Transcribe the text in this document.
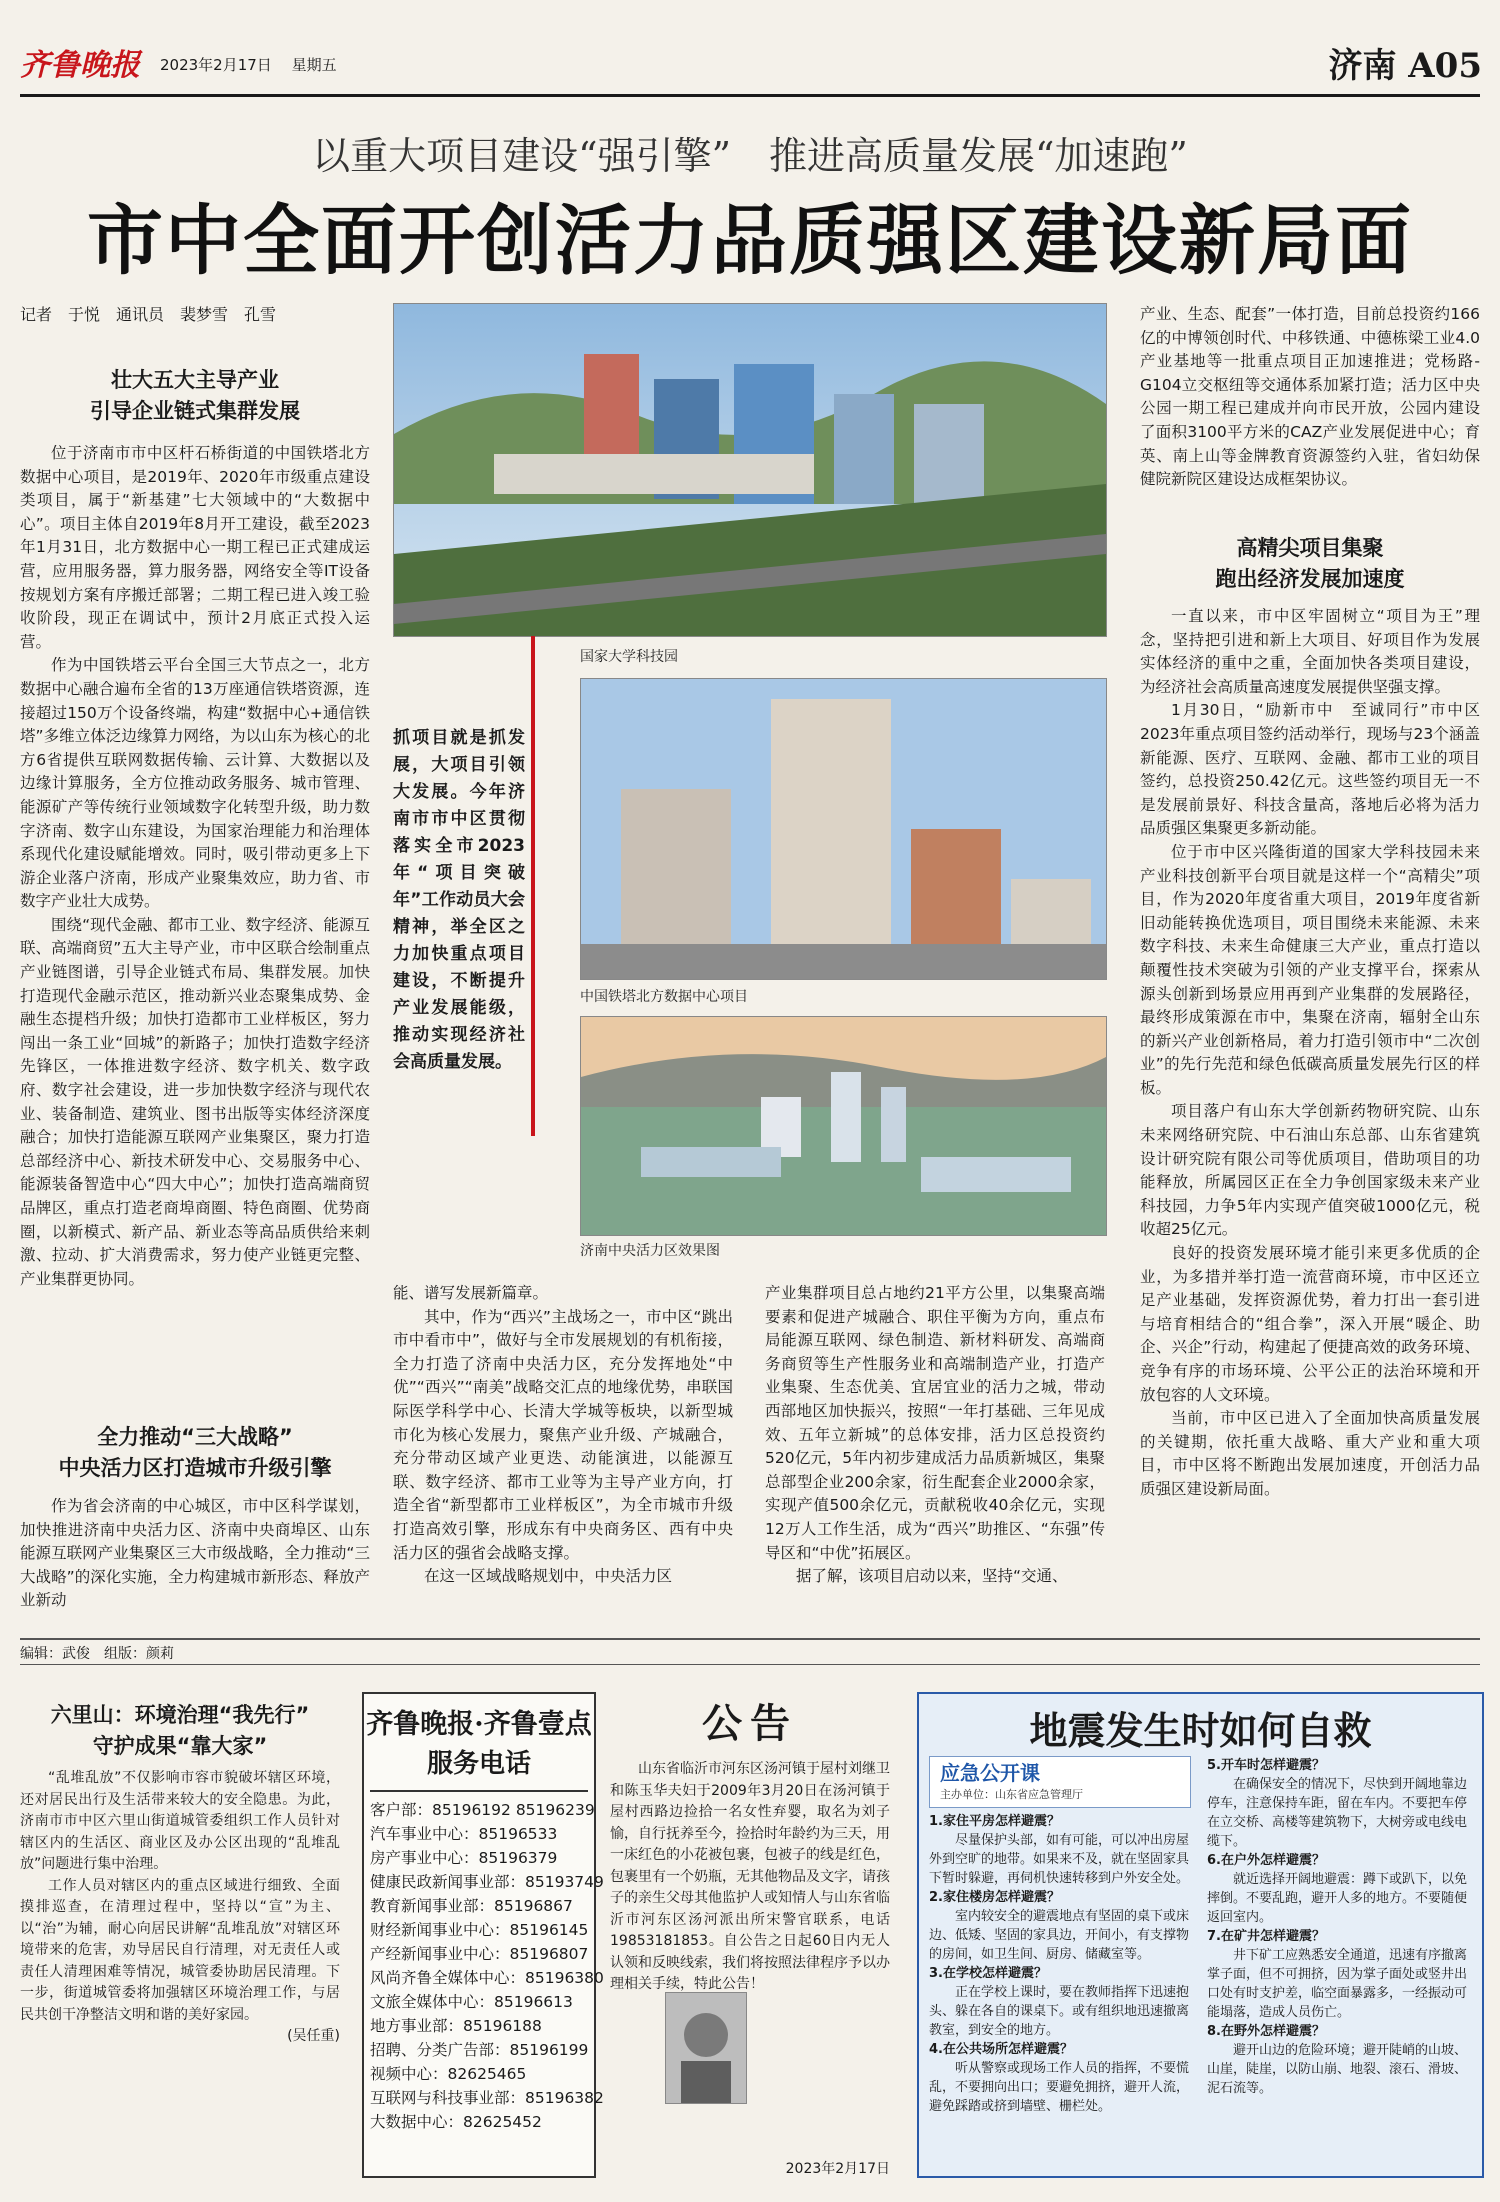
齐鲁晚报 2023年2月17日　 星期五	济南 A05
以重大项目建设“强引擎”　推进高质量发展“加速跑”
市中全面开创活力品质强区建设新局面
记者　于悦　通讯员　裴梦雪　孔雪
壮大五大主导产业
引导企业链式集群发展

位于济南市市中区杆石桥街道的中国铁塔北方数据中心项目，是2019年、2020年市级重点建设类项目，属于“新基建”七大领域中的“大数据中心”。项目主体自2019年8月开工建设，截至2023年1月31日，北方数据中心一期工程已正式建成运营，应用服务器，算力服务器，网络安全等IT设备按规划方案有序搬迁部署；二期工程已进入竣工验收阶段，现正在调试中，预计2月底正式投入运营。

作为中国铁塔云平台全国三大节点之一，北方数据中心融合遍布全省的13万座通信铁塔资源，连接超过150万个设备终端，构建“数据中心+通信铁塔”多维立体泛边缘算力网络，为以山东为核心的北方6省提供互联网数据传输、云计算、大数据以及边缘计算服务，全方位推动政务服务、城市管理、能源矿产等传统行业领域数字化转型升级，助力数字济南、数字山东建设，为国家治理能力和治理体系现代化建设赋能增效。同时，吸引带动更多上下游企业落户济南，形成产业聚集效应，助力省、市数字产业壮大成势。

围绕“现代金融、都市工业、数字经济、能源互联、高端商贸”五大主导产业，市中区联合绘制重点产业链图谱，引导企业链式布局、集群发展。加快打造现代金融示范区，推动新兴业态聚集成势、金融生态提档升级；加快打造都市工业样板区，努力闯出一条工业“回城”的新路子；加快打造数字经济先锋区，一体推进数字经济、数字机关、数字政府、数字社会建设，进一步加快数字经济与现代农业、装备制造、建筑业、图书出版等实体经济深度融合；加快打造能源互联网产业集聚区，聚力打造总部经济中心、新技术研发中心、交易服务中心、能源装备智造中心“四大中心”；加快打造高端商贸品牌区，重点打造老商埠商圈、特色商圈、优势商圈，以新模式、新产品、新业态等高品质供给来刺激、拉动、扩大消费需求，努力使产业链更完整、产业集群更协同。

全力推动“三大战略”
中央活力区打造城市升级引擎

作为省会济南的中心城区，市中区科学谋划，加快推进济南中央活力区、济南中央商埠区、山东能源互联网产业集聚区三大市级战略，全力推动“三大战略”的深化实施，全力构建城市新形态、释放产业新动

国家大学科技园
抓项目就是抓发展，大项目引领大发展。今年济南市市中区贯彻落实全市2023年“项目突破年”工作动员大会精神，举全区之力加快重点项目建设，不断提升产业发展能级，推动实现经济社会高质量发展。
中国铁塔北方数据中心项目
济南中央活力区效果图

能、谱写发展新篇章。

其中，作为“西兴”主战场之一，市中区“跳出市中看市中”，做好与全市发展规划的有机衔接，全力打造了济南中央活力区，充分发挥地处“中优”“西兴”“南美”战略交汇点的地缘优势，串联国际医学科学中心、长清大学城等板块，以新型城市化为核心发展力，聚焦产业升级、产城融合，充分带动区域产业更迭、动能演进，以能源互联、数字经济、都市工业等为主导产业方向，打造全省“新型都市工业样板区”，为全市城市升级打造高效引擎，形成东有中央商务区、西有中央活力区的强省会战略支撑。

在这一区域战略规划中，中央活力区

产业集群项目总占地约21平方公里，以集聚高端要素和促进产城融合、职住平衡为方向，重点布局能源互联网、绿色制造、新材料研发、高端商务商贸等生产性服务业和高端制造产业，打造产业集聚、生态优美、宜居宜业的活力之城，带动西部地区加快振兴，按照“一年打基础、三年见成效、五年立新城”的总体安排，活力区总投资约520亿元，5年内初步建成活力品质新城区，集聚总部型企业200余家，衍生配套企业2000余家，实现产值500余亿元，贡献税收40余亿元，实现12万人工作生活，成为“西兴”助推区、“东强”传导区和“中优”拓展区。

据了解，该项目启动以来，坚持“交通、

产业、生态、配套”一体打造，目前总投资约166亿的中博领创时代、中移铁通、中德栋梁工业4.0产业基地等一批重点项目正加速推进；党杨路-G104立交枢纽等交通体系加紧打造；活力区中央公园一期工程已建成并向市民开放，公园内建设了面积3100平方米的CAZ产业发展促进中心；育英、南上山等金牌教育资源签约入驻，省妇幼保健院新院区建设达成框架协议。

高精尖项目集聚
跑出经济发展加速度

一直以来，市中区牢固树立“项目为王”理念，坚持把引进和新上大项目、好项目作为发展实体经济的重中之重，全面加快各类项目建设，为经济社会高质量高速度发展提供坚强支撑。

1月30日，“励新市中　至诚同行”市中区2023年重点项目签约活动举行，现场与23个涵盖新能源、医疗、互联网、金融、都市工业的项目签约，总投资250.42亿元。这些签约项目无一不是发展前景好、科技含量高，落地后必将为活力品质强区集聚更多新动能。

位于市中区兴隆街道的国家大学科技园未来产业科技创新平台项目就是这样一个“高精尖”项目，作为2020年度省重大项目，2019年度省新旧动能转换优选项目，项目围绕未来能源、未来数字科技、未来生命健康三大产业，重点打造以颠覆性技术突破为引领的产业支撑平台，探索从源头创新到场景应用再到产业集群的发展路径，最终形成策源在市中，集聚在济南，辐射全山东的新兴产业创新格局，着力打造引领市中“二次创业”的先行先范和绿色低碳高质量发展先行区的样板。

项目落户有山东大学创新药物研究院、山东未来网络研究院、中石油山东总部、山东省建筑设计研究院有限公司等优质项目，借助项目的功能释放，所属园区正在全力争创国家级未来产业科技园，力争5年内实现产值突破1000亿元，税收超25亿元。

良好的投资发展环境才能引来更多优质的企业，为多措并举打造一流营商环境，市中区还立足产业基础，发挥资源优势，着力打出一套引进与培育相结合的“组合拳”，深入开展“暖企、助企、兴企”行动，构建起了便捷高效的政务环境、竞争有序的市场环境、公平公正的法治环境和开放包容的人文环境。

当前，市中区已进入了全面加快高质量发展的关键期，依托重大战略、重大产业和重大项目，市中区将不断跑出发展加速度，开创活力品质强区建设新局面。

编辑：武俊　组版：颜莉
六里山：环境治理“我先行”
守护成果“靠大家”

“乱堆乱放”不仅影响市容市貌破坏辖区环境，还对居民出行及生活带来较大的安全隐患。为此，济南市市中区六里山街道城管委组织工作人员针对辖区内的生活区、商业区及办公区出现的“乱堆乱放”问题进行集中治理。

工作人员对辖区内的重点区域进行细致、全面摸排巡查，在清理过程中，坚持以“宣”为主、以“治”为辅，耐心向居民讲解“乱堆乱放”对辖区环境带来的危害，劝导居民自行清理，对无责任人或责任人清理困难等情况，城管委协助居民清理。下一步，街道城管委将加强辖区环境治理工作，与居民共创干净整洁文明和谐的美好家园。

(吴任重)

齐鲁晚报·齐鲁壹点
服务电话
客户部：85196192 85196239
汽车事业中心：85196533
房产事业中心：85196379
健康民政新闻事业部：85193749
教育新闻事业部：85196867
财经新闻事业中心：85196145
产经新闻事业中心：85196807
风尚齐鲁全媒体中心：85196380
文旅全媒体中心：85196613
地方事业部：85196188
招聘、分类广告部：85196199
视频中心：82625465
互联网与科技事业部：85196382
大数据中心：82625452
公告

山东省临沂市河东区汤河镇于屋村刘继卫和陈玉华夫妇于2009年3月20日在汤河镇于屋村西路边捡拾一名女性弃婴，取名为刘子愉，自行抚养至今，捡拾时年龄约为三天，用一床红色的小花被包裹，包被子的线是红色，包裹里有一个奶瓶，无其他物品及文字，请孩子的亲生父母其他监护人或知情人与山东省临沂市河东区汤河派出所宋警官联系，电话19853181853。自公告之日起60日内无人认领和反映线索，我们将按照法律程序予以办理相关手续，特此公告！

2023年2月17日
地震发生时如何自救
应急公开课
主办单位：山东省应急管理厅
1.家住平房怎样避震？
尽量保护头部，如有可能，可以冲出房屋外到空旷的地带。如果来不及，就在坚固家具下暂时躲避，再伺机快速转移到户外安全处。
2.家住楼房怎样避震？
室内较安全的避震地点有坚固的桌下或床边、低矮、坚固的家具边，开间小，有支撑物的房间，如卫生间、厨房、储藏室等。
3.在学校怎样避震？
正在学校上课时，要在教师指挥下迅速抱头、躲在各自的课桌下。或有组织地迅速撤离教室，到安全的地方。
4.在公共场所怎样避震？
听从警察或现场工作人员的指挥，不要慌乱，不要拥向出口；要避免拥挤，避开人流，避免踩踏或挤到墙壁、栅栏处。
5.开车时怎样避震？
在确保安全的情况下，尽快到开阔地靠边停车，注意保持车距，留在车内。不要把车停在立交桥、高楼等建筑物下，大树旁或电线电缆下。
6.在户外怎样避震？
就近选择开阔地避震：蹲下或趴下，以免摔倒。不要乱跑，避开人多的地方。不要随便返回室内。
7.在矿井怎样避震？
井下矿工应熟悉安全通道，迅速有序撤离掌子面，但不可拥挤，因为掌子面处或竖井出口处有时支护差，临空面暴露多，一经振动可能塌落，造成人员伤亡。
8.在野外怎样避震？
避开山边的危险环境；避开陡峭的山坡、山崖，陡崖，以防山崩、地裂、滚石、滑坡、泥石流等。
